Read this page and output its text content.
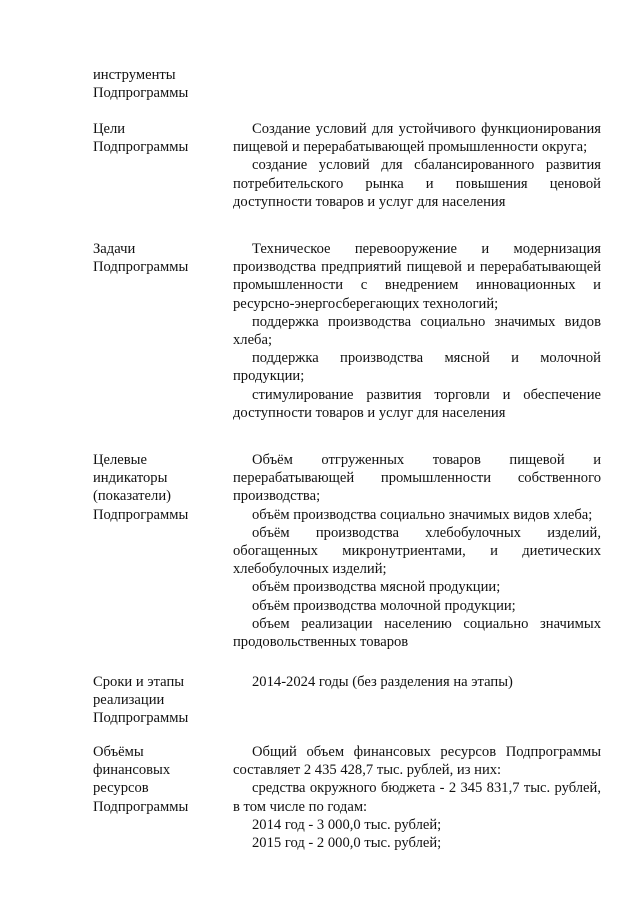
инструменты
Подпрограммы
Цели
Подпрограммы

Создание условий для устойчивого функционирования пищевой и перерабатывающей промышленности округа;

создание условий для сбалансированного развития потребительского рынка и повышения ценовой доступности товаров и услуг для населения

Задачи
Подпрограммы

Техническое перевооружение и модернизация производства предприятий пищевой и перерабатывающей промышленности с внедрением инновационных и ресурсно-энергосберегающих технологий;

поддержка производства социально значимых видов хлеба;

поддержка производства мясной и молочной продукции;

стимулирование развития торговли и обеспечение доступности товаров и услуг для населения

Целевые
индикаторы
(показатели)
Подпрограммы

Объём отгруженных товаров пищевой и перерабатывающей промышленности собственного производства;

объём производства социально значимых видов хлеба;

объём производства хлебобулочных изделий, обогащенных микронутриентами, и диетических хлебобулочных изделий;

объём производства мясной продукции;

объём производства молочной продукции;

объем реализации населению социально значимых продовольственных товаров

Сроки и этапы
реализации
Подпрограммы

2014-2024 годы (без разделения на этапы)

Объёмы
финансовых
ресурсов
Подпрограммы

Общий объем финансовых ресурсов Подпрограммы составляет 2 435 428,7 тыс. рублей, из них:

средства окружного бюджета - 2 345 831,7 тыс. рублей, в том числе по годам:

2014 год - 3 000,0 тыс. рублей;

2015 год - 2 000,0 тыс. рублей;
